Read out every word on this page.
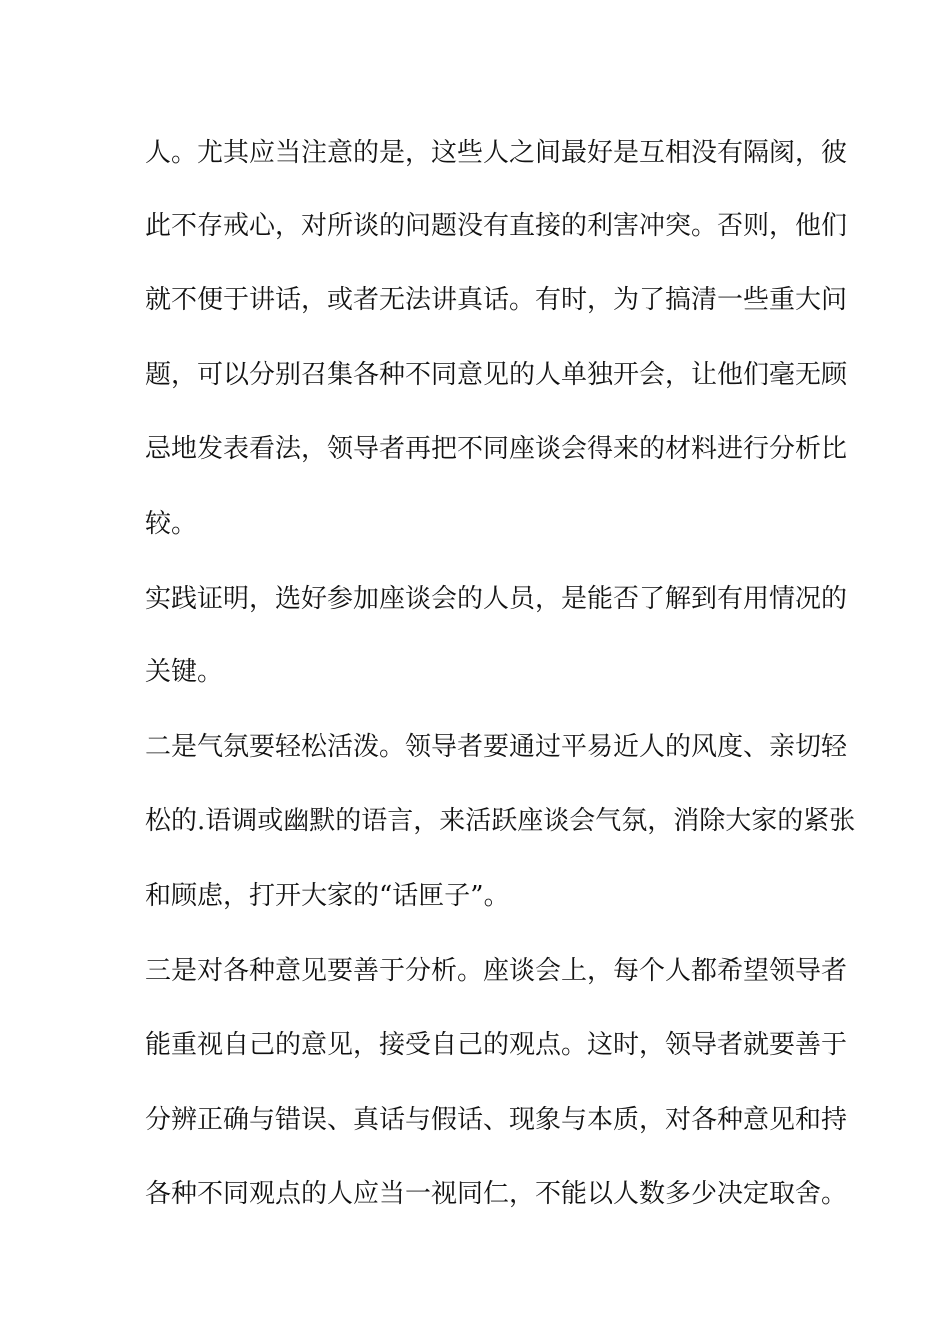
人。尤其应当注意的是，这些人之间最好是互相没有隔阂，彼
此不存戒心，对所谈的问题没有直接的利害冲突。否则，他们
就不便于讲话，或者无法讲真话。有时，为了搞清一些重大问
题，可以分别召集各种不同意见的人单独开会，让他们毫无顾
忌地发表看法，领导者再把不同座谈会得来的材料进行分析比
较。
实践证明，选好参加座谈会的人员，是能否了解到有用情况的
关键。
二是气氛要轻松活泼。领导者要通过平易近人的风度、亲切轻
松的.语调或幽默的语言，来活跃座谈会气氛，消除大家的紧张
和顾虑，打开大家的“话匣子”。
三是对各种意见要善于分析。座谈会上，每个人都希望领导者
能重视自己的意见，接受自己的观点。这时，领导者就要善于
分辨正确与错误、真话与假话、现象与本质，对各种意见和持
各种不同观点的人应当一视同仁，不能以人数多少决定取舍。
